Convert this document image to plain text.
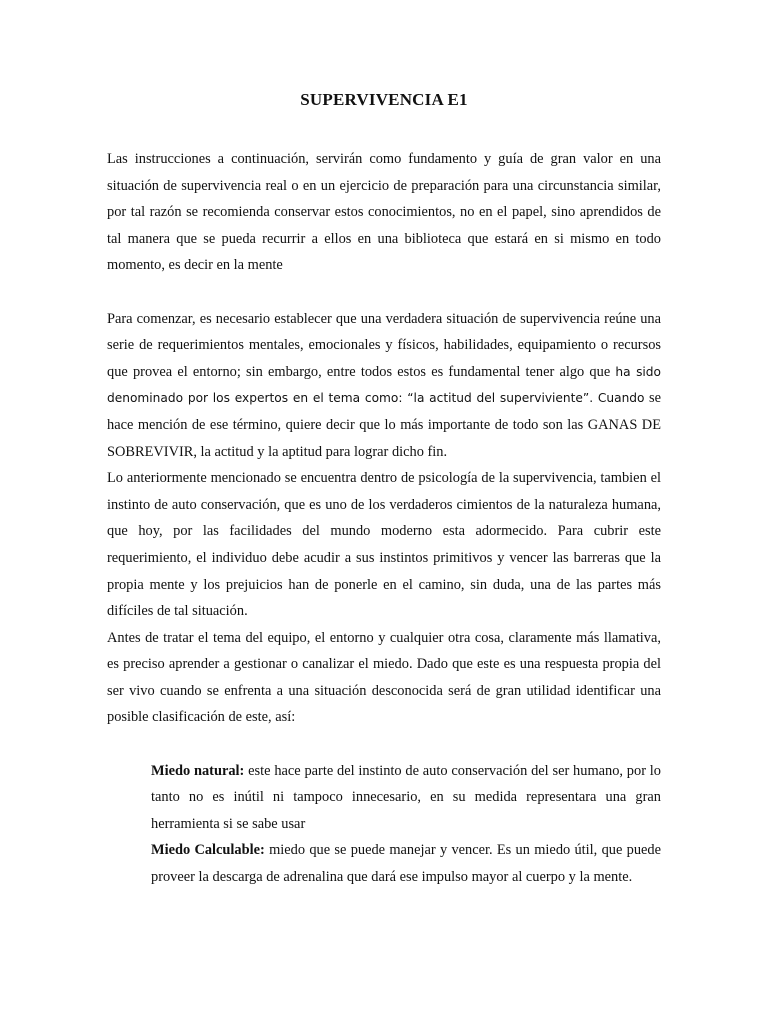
SUPERVIVENCIA E1

Las instrucciones a continuación, servirán como fundamento y guía de gran valor en una situación de supervivencia real o en un ejercicio de preparación para una circunstancia similar, por tal razón se recomienda conservar estos conocimientos, no en el papel, sino aprendidos de tal manera que se pueda recurrir a ellos en una biblioteca que estará en si mismo en todo momento, es decir en la mente

Para comenzar, es necesario establecer que una verdadera situación de supervivencia reúne una serie de requerimientos mentales, emocionales y físicos, habilidades, equipamiento o recursos que provea el entorno; sin embargo, entre todos estos es fundamental tener algo que ha sido denominado por los expertos en el tema como: “la actitud del superviviente”. Cuando se hace mención de ese término, quiere decir que lo más importante de todo son las GANAS DE SOBREVIVIR, la actitud y la aptitud para lograr dicho fin.

Lo anteriormente mencionado se encuentra dentro de psicología de la supervivencia, tambien el instinto de auto conservación, que es uno de los verdaderos cimientos de la naturaleza humana, que hoy, por las facilidades del mundo moderno esta adormecido. Para cubrir este requerimiento, el individuo debe acudir a sus instintos primitivos y vencer las barreras que la propia mente y los prejuicios han de ponerle en el camino, sin duda, una de las partes más difíciles de tal situación.

Antes de tratar el tema del equipo, el entorno y cualquier otra cosa, claramente más llamativa, es preciso aprender a gestionar o canalizar el miedo. Dado que este es una respuesta propia del ser vivo cuando se enfrenta a una situación desconocida será de gran utilidad identificar una posible clasificación de este, así:

Miedo natural: este hace parte del instinto de auto conservación del ser humano, por lo tanto no es inútil ni tampoco innecesario, en su medida representara una gran herramienta si se sabe usar

Miedo Calculable: miedo que se puede manejar y vencer. Es un miedo útil, que puede proveer la descarga de adrenalina que dará ese impulso mayor al cuerpo y la mente.
